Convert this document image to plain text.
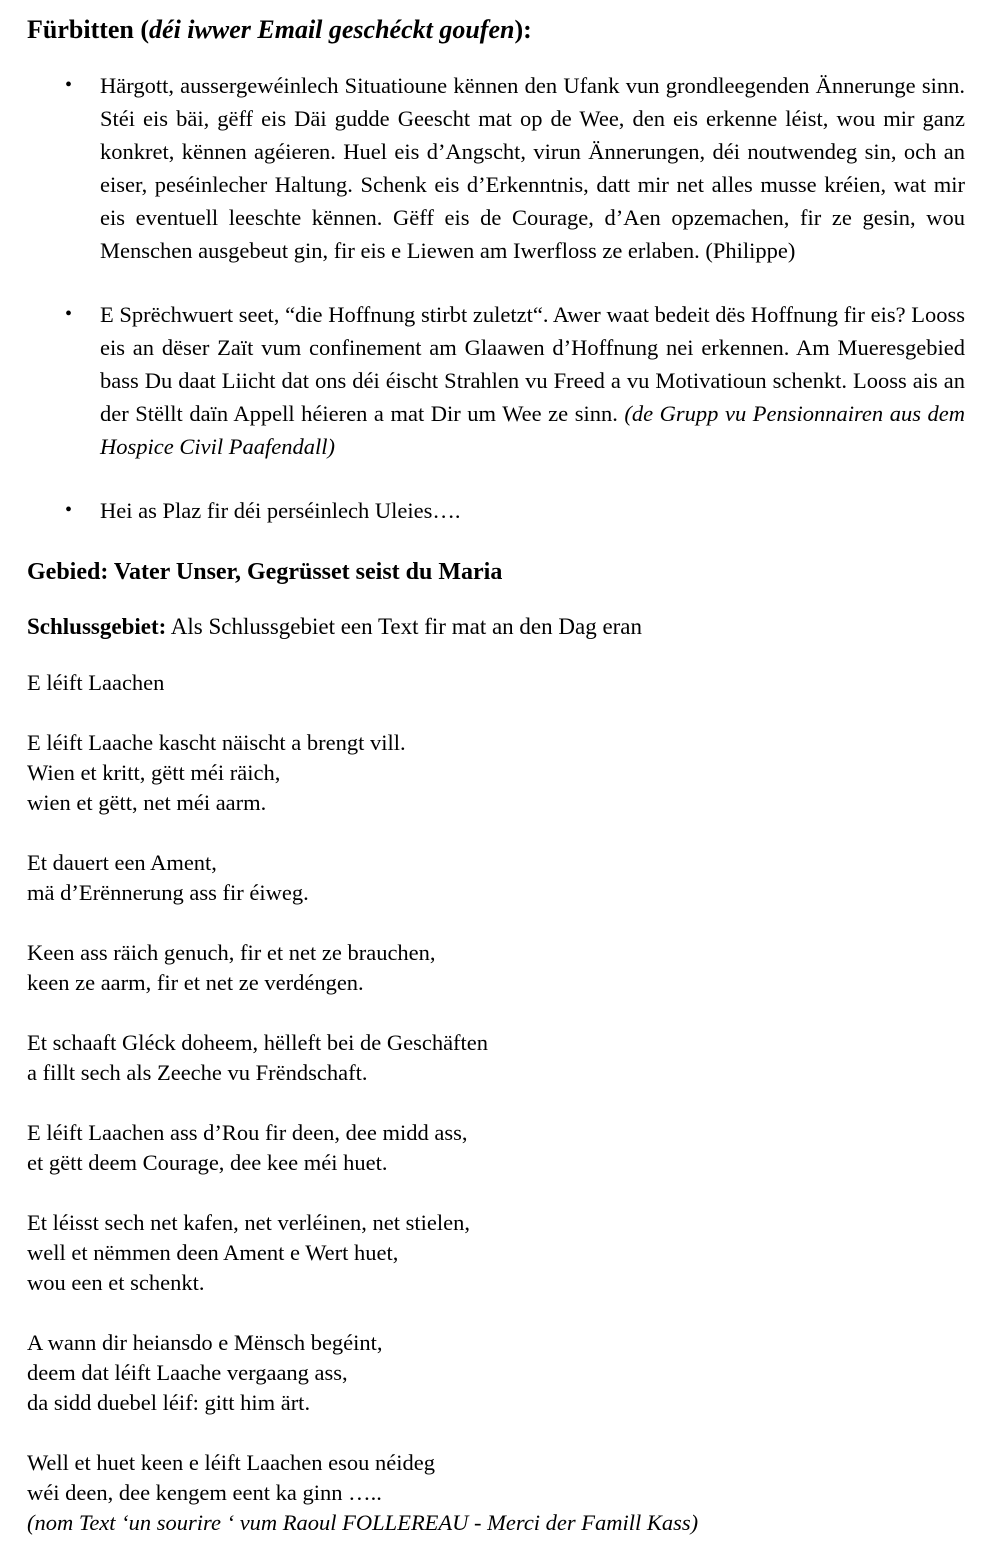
Fürbitten (déi iwwer Email geschéckt goufen):
•	Härgott, aussergewéinlech Situatioune kënnen den Ufank vun grondleegenden Ännerunge sinn. Stéi eis bäi, gëff eis Däi gudde Geescht mat op de Wee, den eis erkenne léist, wou mir ganz konkret, kënnen agéieren. Huel eis d’Angscht, virun Ännerungen, déi noutwendeg sin, och an eiser, peséinlecher Haltung. Schenk eis d’Erkenntnis, datt mir net alles musse kréien, wat mir eis eventuell leeschte kënnen. Gëff eis de Courage, d’Aen opzemachen, fir ze gesin, wou Menschen ausgebeut gin, fir eis e Liewen am Iwerfloss ze erlaben. (Philippe)
•	E Sprëchwuert seet, “die Hoffnung stirbt zuletzt“. Awer waat bedeit dës Hoffnung fir eis? Looss eis an dëser Zaït vum confinement am Glaawen d’Hoffnung nei erkennen. Am Mueresgebied bass Du daat Liicht dat ons déi éischt Strahlen vu Freed a vu Motivatioun schenkt. Looss ais an der Stëllt daïn Appell héieren a mat Dir um Wee ze sinn. (de Grupp vu Pensionnairen aus dem Hospice Civil Paafendall)
•	Hei as Plaz fir déi perséinlech Uleies….
Gebied: Vater Unser, Gegrüsset seist du Maria

Schlussgebiet: Als Schlussgebiet een Text fir mat an den Dag eran

E léift Laachen
E léift Laache kascht näischt a brengt vill.
Wien et kritt, gëtt méi räich,
wien et gëtt, net méi aarm.
Et dauert een Ament,
mä d’Erënnerung ass fir éiweg.
Keen ass räich genuch, fir et net ze brauchen,
keen ze aarm, fir et net ze verdéngen.
Et schaaft Gléck doheem, hëlleft bei de Geschäften
a fillt sech als Zeeche vu Frëndschaft.
E léift Laachen ass d’Rou fir deen, dee midd ass,
et gëtt deem Courage, dee kee méi huet.
Et léisst sech net kafen, net verléinen, net stielen,
well et nëmmen deen Ament e Wert huet,
wou een et schenkt.
A wann dir heiansdo e Mënsch begéint,
deem dat léift Laache vergaang ass,
da sidd duebel léif: gitt him ärt.
Well et huet keen e léift Laachen esou néideg
wéi deen, dee kengem eent ka ginn …..
(nom Text ‘un sourire ‘ vum Raoul FOLLEREAU - Merci der Famill Kass)
